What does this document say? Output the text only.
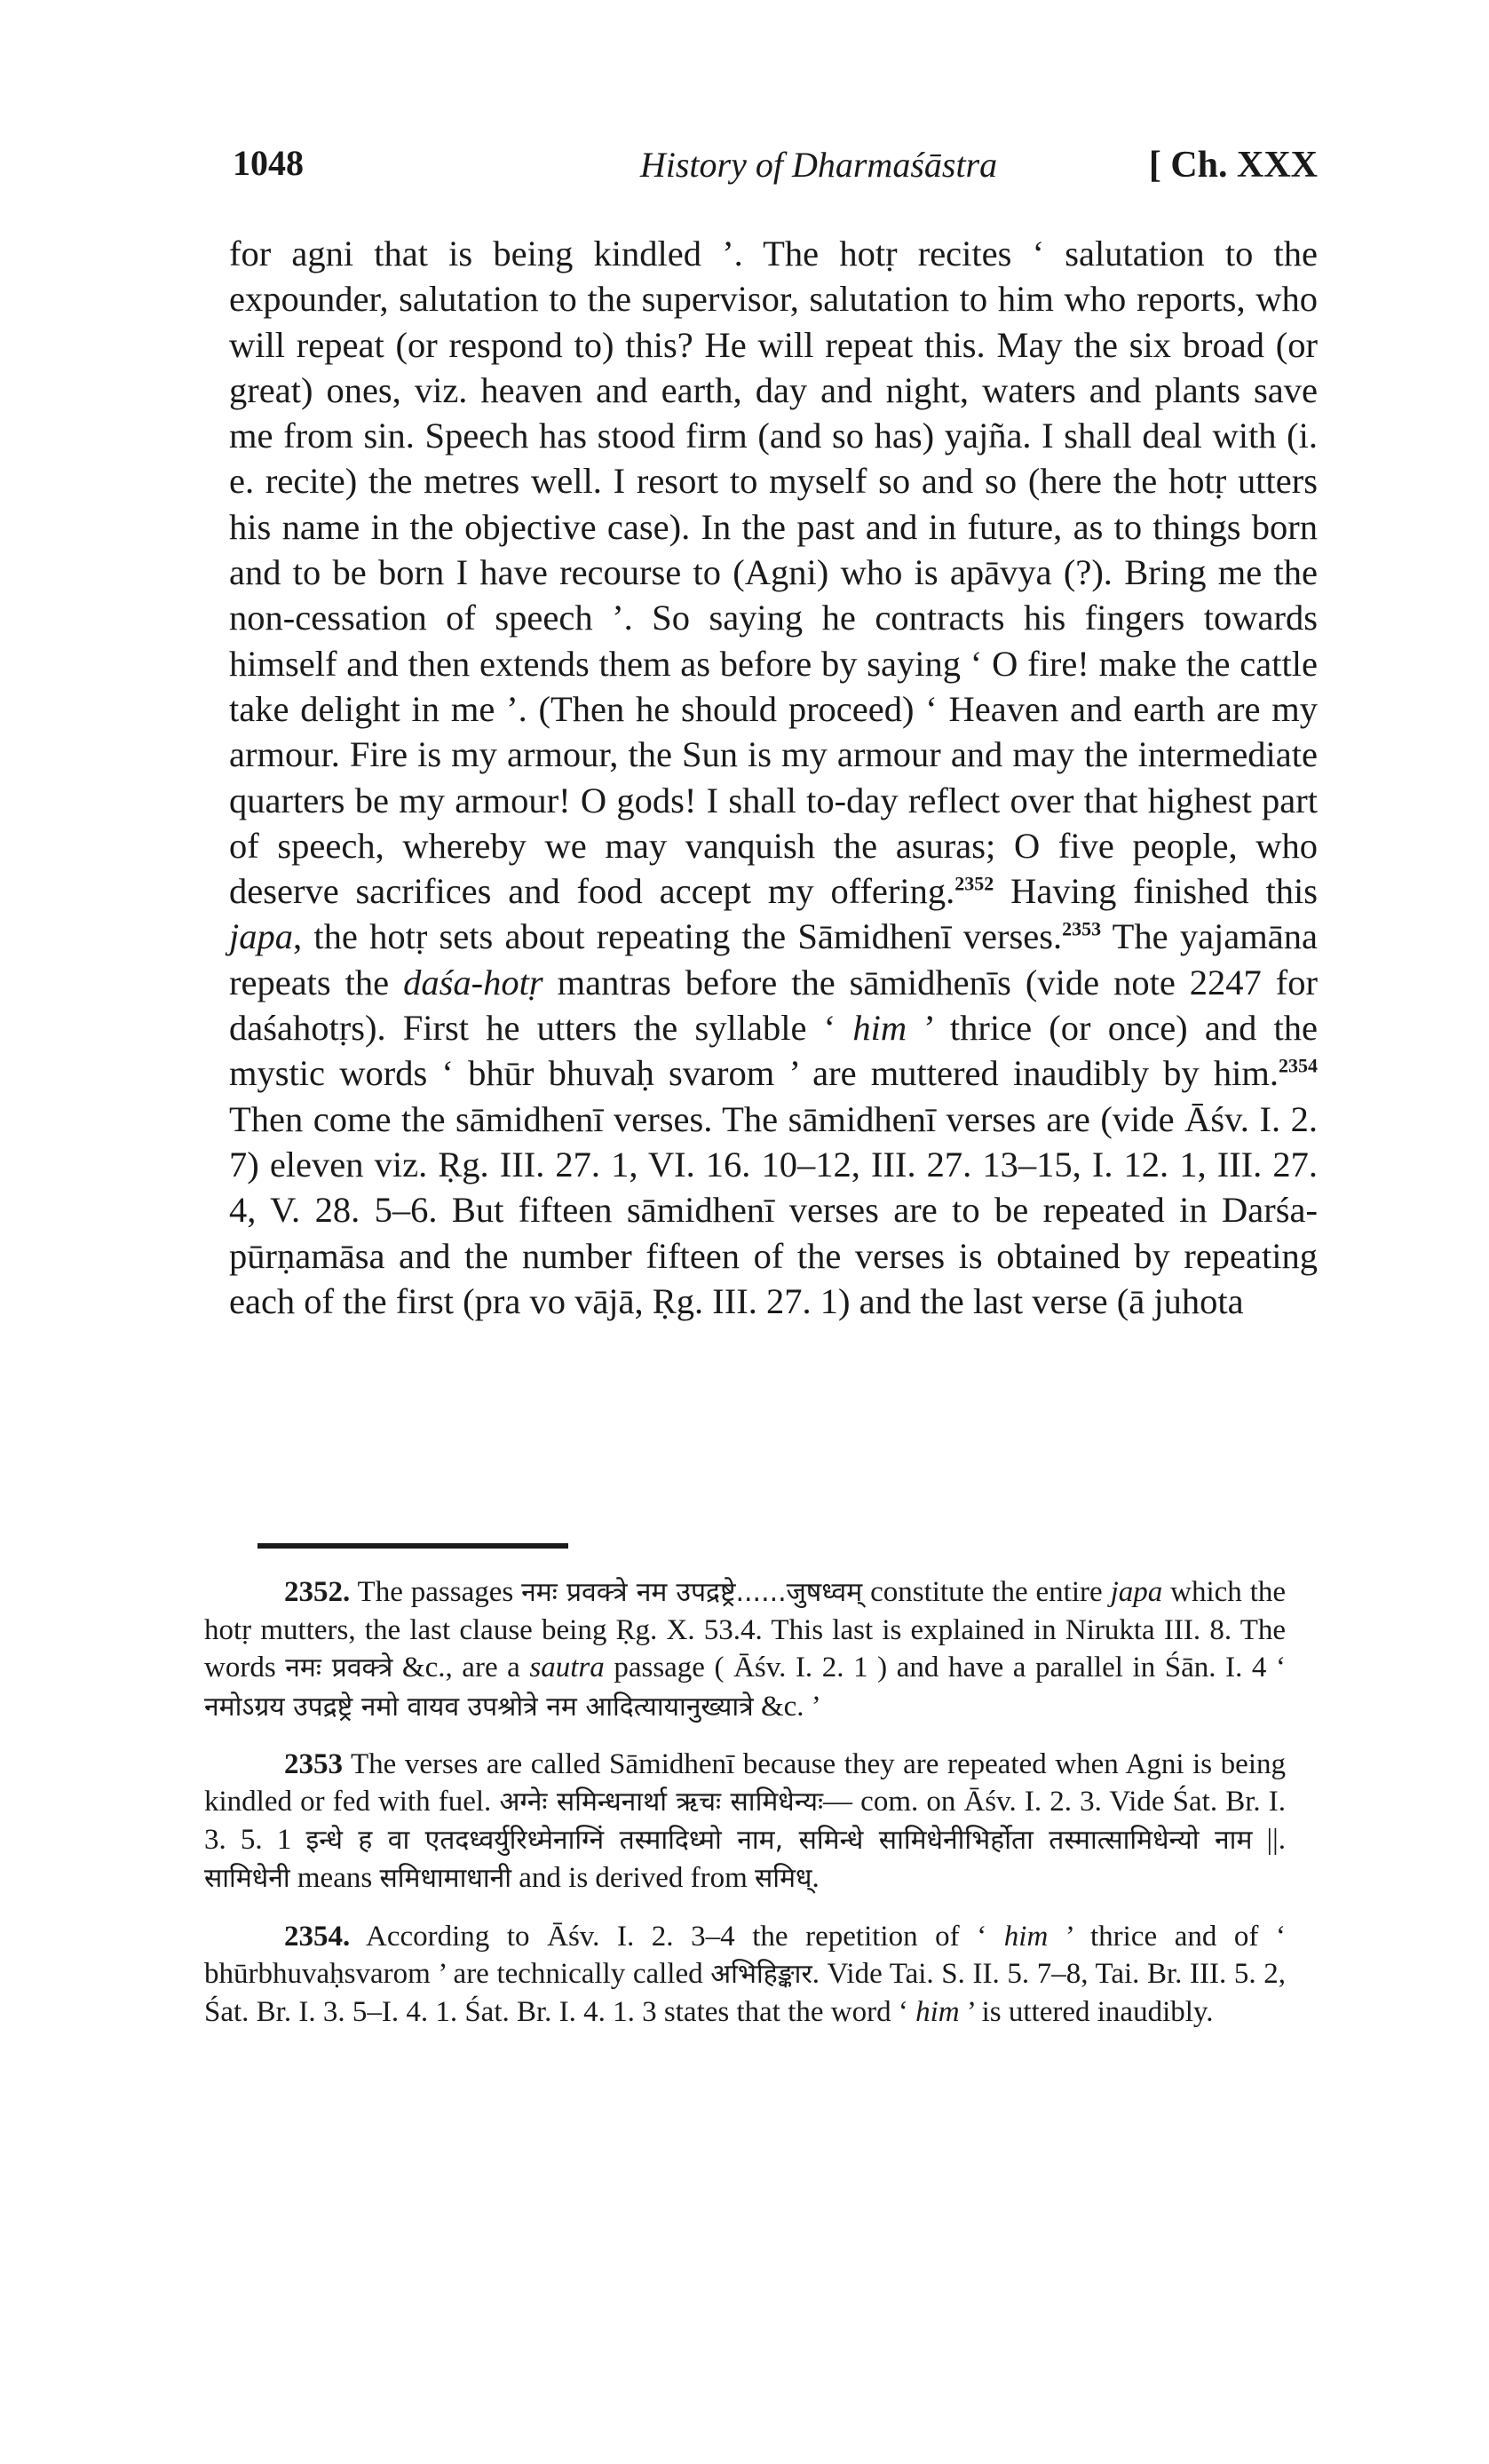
1048	History of Dharmaśāstra	[ Ch. XXX

for agni that is being kindled ’. The hotṛ recites ‘ salutation to the expounder, salutation to the supervisor, salutation to him who reports, who will repeat (or respond to) this? He will repeat this. May the six broad (or great) ones, viz. heaven and earth, day and night, waters and plants save me from sin. Speech has stood firm (and so has) yajña. I shall deal with (i. e. recite) the metres well. I resort to myself so and so (here the hotṛ utters his name in the objective case). In the past and in future, as to things born and to be born I have recourse to (Agni) who is apāvya (?). Bring me the non-cessation of speech ’. So saying he contracts his fingers towards himself and then extends them as before by saying ‘ O fire! make the cattle take delight in me ’. (Then he should proceed) ‘ Heaven and earth are my armour. Fire is my armour, the Sun is my armour and may the intermediate quarters be my armour! O gods! I shall to-day reflect over that highest part of speech, whereby we may vanquish the asuras; O five people, who deserve sacrifices and food accept my offering.$^{2352}$ Having finished this japa, the hotṛ sets about repeating the Sāmidhenī verses.$^{2353}$ The yajamāna repeats the daśa-hotṛ mantras before the sāmidhenīs (vide note 2247 for daśahotṛs). First he utters the syllable ‘ him ’ thrice (or once) and the mystic words ‘ bhūr bhuvaḥ svarom ’ are muttered inaudibly by him.$^{2354}$ Then come the sāmidhenī verses. The sāmidhenī verses are (vide Āśv. I. 2. 7) eleven viz. Ṛg. III. 27. 1, VI. 16. 10–12, III. 27. 13–15, I. 12. 1, III. 27. 4, V. 28. 5–6. But fifteen sāmidhenī verses are to be repeated in Darśa-pūrṇamāsa and the number fifteen of the verses is obtained by repeating each of the first (pra vo vājā, Ṛg. III. 27. 1) and the last verse (ā juhota

2352. The passages नमः प्रवक्त्रे नम उपद्रष्ट्रे......जुषध्वम् constitute the entire japa which the hotṛ mutters, the last clause being Ṛg. X. 53.4. This last is explained in Nirukta III. 8. The words नमः प्रवक्त्रे &c., are a sautra passage ( Āśv. I. 2. 1 ) and have a parallel in Śān. I. 4 ‘ नमोऽग्रय उपद्रष्ट्रे नमो वायव उपश्रोत्रे नम आदित्यायानुख्यात्रे &c. ’

2353 The verses are called Sāmidhenī because they are repeated when Agni is being kindled or fed with fuel. अग्नेः समिन्धनार्था ऋचः सामिधेन्यः— com. on Āśv. I. 2. 3. Vide Śat. Br. I. 3. 5. 1 इन्धे ह वा एतदध्वर्युरिध्मेनाग्निं तस्मादिध्मो नाम, समिन्धे सामिधेनीभिर्होता तस्मात्सामिधेन्यो नाम ||. सामिधेनी means समिधामाधानी and is derived from समिध्.

2354. According to Āśv. I. 2. 3–4 the repetition of ‘ him ’ thrice and of ‘ bhūrbhuvaḥsvarom ’ are technically called अभिहिङ्कार. Vide Tai. S. II. 5. 7–8, Tai. Br. III. 5. 2, Śat. Br. I. 3. 5–I. 4. 1. Śat. Br. I. 4. 1. 3 states that the word ‘ him ’ is uttered inaudibly.
